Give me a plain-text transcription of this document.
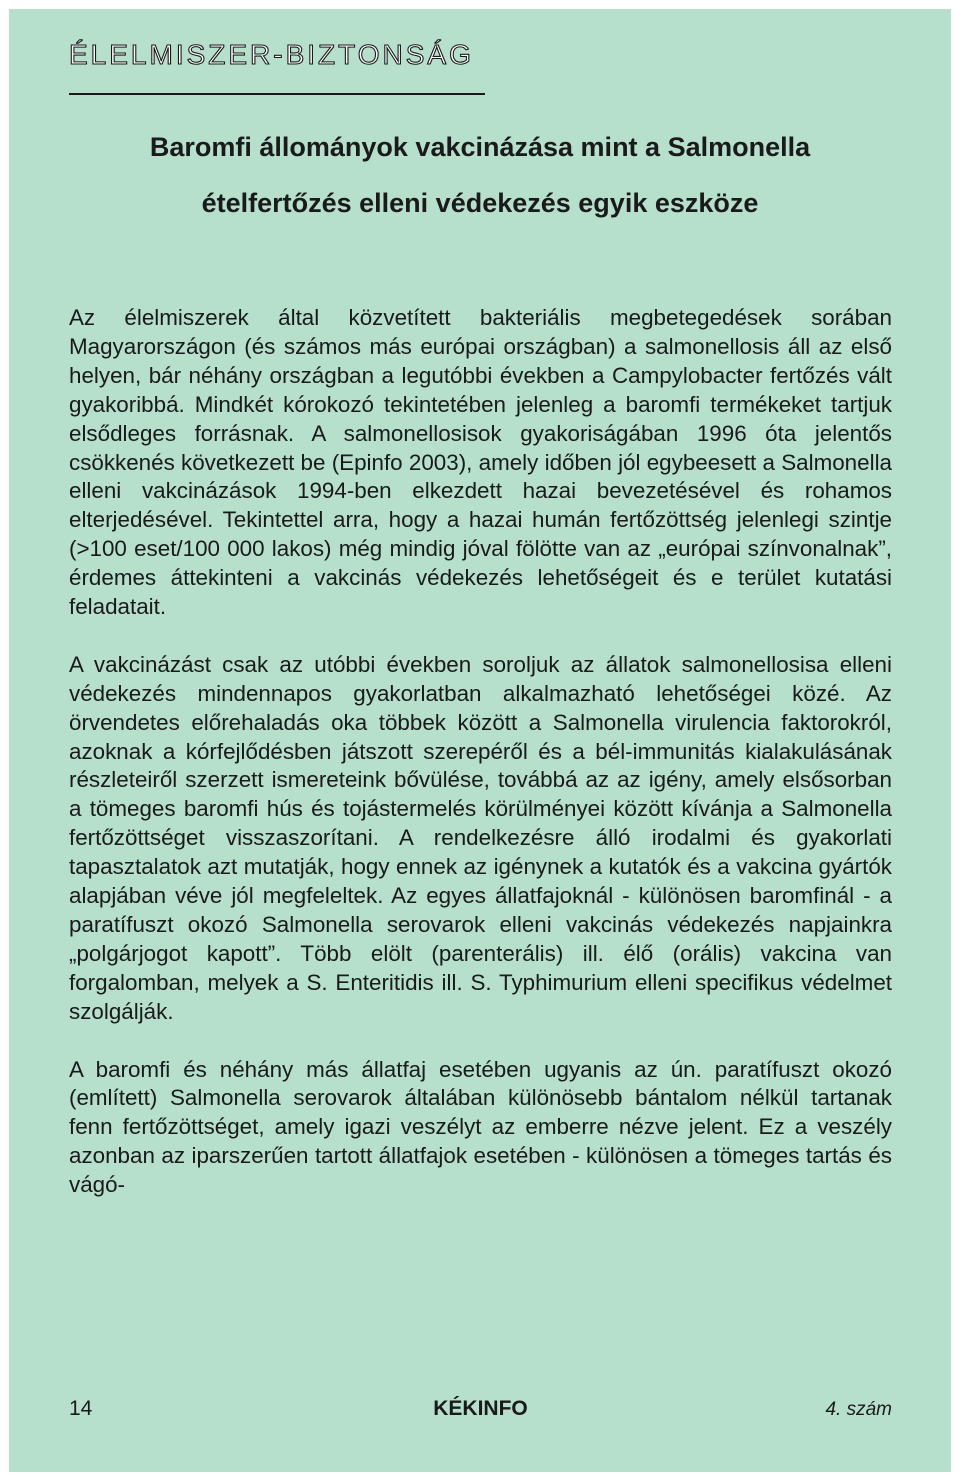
ÉLELMISZER-BIZTONSÁG
Baromfi állományok vakcinázása mint a Salmonella
ételfertőzés elleni védekezés egyik eszköze

Az élelmiszerek által közvetített bakteriális megbetegedések sorában Magyarországon (és számos más európai országban) a salmonellosis áll az első helyen, bár néhány országban a legutóbbi években a Campylobacter fertőzés vált gyakoribbá. Mindkét kórokozó tekintetében jelenleg a baromfi termékeket tartjuk elsődleges forrásnak. A salmonellosisok gyakoriságában 1996 óta jelentős csökkenés következett be (Epinfo 2003), amely időben jól egybeesett a Salmonella elleni vakcinázások 1994-ben elkezdett hazai bevezetésével és rohamos elterjedésével. Tekintettel arra, hogy a hazai humán fertőzöttség jelenlegi szintje (>100 eset/100 000 lakos) még mindig jóval fölötte van az „európai színvonalnak”, érdemes áttekinteni a vakcinás védekezés lehetőségeit és e terület kutatási feladatait.

A vakcinázást csak az utóbbi években soroljuk az állatok salmonellosisa elleni védekezés mindennapos gyakorlatban alkalmazható lehetőségei közé. Az örvendetes előrehaladás oka többek között a Salmonella virulencia faktorokról, azoknak a kórfejlődésben játszott szerepéről és a bél-immunitás kialakulásának részleteiről szerzett ismereteink bővülése, továbbá az az igény, amely elsősorban a tömeges baromfi hús és tojástermelés körülményei között kívánja a Salmonella fertőzöttséget visszaszorítani. A rendelkezésre álló irodalmi és gyakorlati tapasztalatok azt mutatják, hogy ennek az igénynek a kutatók és a vakcina gyártók alapjában véve jól megfeleltek. Az egyes állatfajoknál - különösen baromfinál - a paratífuszt okozó Salmonella serovarok elleni vakcinás védekezés napjainkra „polgárjogot kapott”. Több elölt (parenterális) ill. élő (orális) vakcina van forgalomban, melyek a S. Enteritidis ill. S. Typhimurium elleni specifikus védelmet szolgálják.

A baromfi és néhány más állatfaj esetében ugyanis az ún. paratífuszt okozó (említett) Salmonella serovarok általában különösebb bántalom nélkül tartanak fenn fertőzöttséget, amely igazi veszélyt az emberre nézve jelent. Ez a veszély azonban az iparszerűen tartott állatfajok esetében - különösen a tömeges tartás és vágó-

14	KÉKINFO	4. szám
